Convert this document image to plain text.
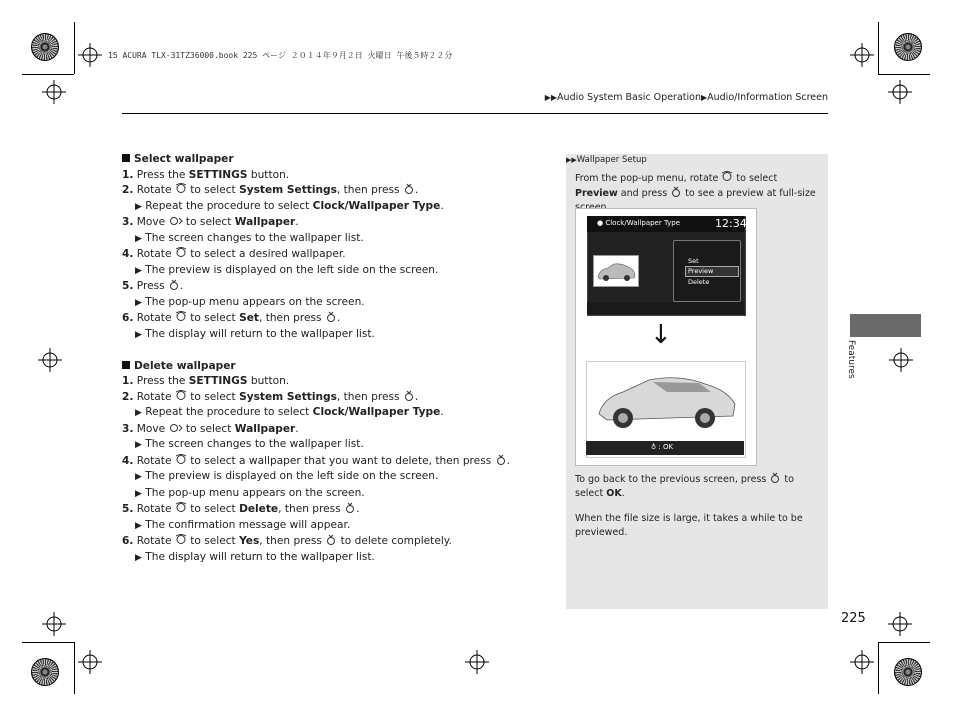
15 ACURA TLX-31TZ36000.book 225 ページ ２０１４年９月２日 火曜日 午後５時２２分
▶▶Audio System Basic Operation▶Audio/Information Screen
Select wallpaper
1. Press the SETTINGS button.
2. Rotate  to select System Settings, then press .
▶ Repeat the procedure to select Clock/Wallpaper Type.
3. Move  to select Wallpaper.
▶ The screen changes to the wallpaper list.
4. Rotate  to select a desired wallpaper.
▶ The preview is displayed on the left side on the screen.
5. Press .
▶ The pop-up menu appears on the screen.
6. Rotate  to select Set, then press .
▶ The display will return to the wallpaper list.
Delete wallpaper
1. Press the SETTINGS button.
2. Rotate  to select System Settings, then press .
▶ Repeat the procedure to select Clock/Wallpaper Type.
3. Move  to select Wallpaper.
▶ The screen changes to the wallpaper list.
4. Rotate  to select a wallpaper that you want to delete, then press .
▶ The preview is displayed on the left side on the screen.
▶ The pop-up menu appears on the screen.
5. Rotate  to select Delete, then press .
▶ The confirmation message will appear.
6. Rotate  to select Yes, then press  to delete completely.
▶ The display will return to the wallpaper list.
▶▶Wallpaper Setup
From the pop-up menu, rotate  to select Preview and press  to see a preview at full-size
● Clock/Wallpaper Type	12:34
Set
Preview
Delete
↓
♁ : OK
To go back to the previous screen, press  to select OK.
When the file size is large, it takes a while to be previewed.
Features
225
